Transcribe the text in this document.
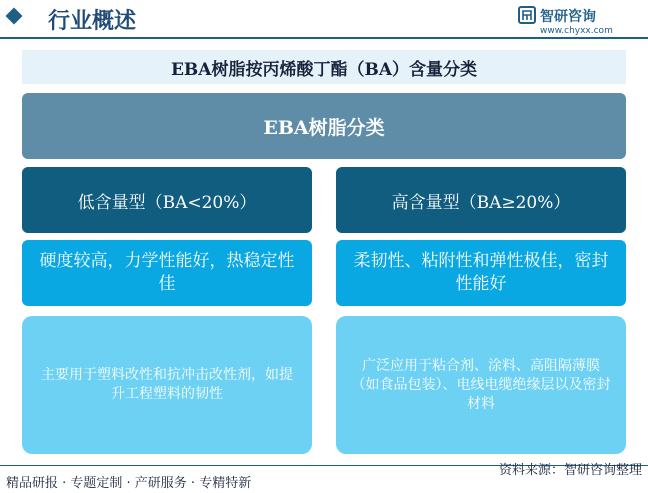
行业概述	智研咨询
www.chyxx.com
EBA树脂按丙烯酸丁酯（BA）含量分类
EBA树脂分类
低含量型（BA<20%）	高含量型（BA≥20%）
硬度较高，力学性能好，热稳定性佳
柔韧性、粘附性和弹性极佳，密封性能好
主要用于塑料改性和抗冲击改性剂，如提升工程塑料的韧性
广泛应用于粘合剂、涂料、高阻隔薄膜（如食品包装）、电线电缆绝缘层以及密封材料
精品研报 · 专题定制 · 产研服务 · 专精特新
资料来源：智研咨询整理
